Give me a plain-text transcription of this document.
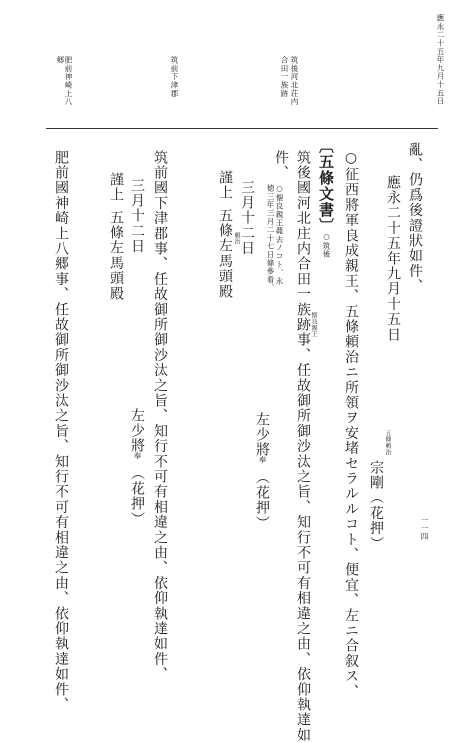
應永二十五年九月十五日
一一四
筑後河北荘内
合田一族跡
筑前下津郡
肥前神崎上八
郷
亂、仍爲後證狀如件、
應永二十五年九月十五日
五條頼治
宗剛（花押）
○征西將軍良成親王、五條頼治ニ所領ヲ安堵セラルルコト、便宜、左ニ合叙ス、
〔五條文書〕
○筑後
筑後國河北庄内合田一族跡事、任故御所御沙汰之旨、知行不可有相違之由、依仰執達如 懐良親王
件、
○懐良親王薨去ノコト、永
徳三年三月二十七日條參看、
左少將
奉
（花押）
三月十二日
謹上
五條左馬頭殿 頼治
筑前國下津郡事、任故御所御沙汰之旨、知行不可有相違之由、依仰執達如件、
三月十二日
左少將
奉
（花押）
謹上
五條左馬頭殿
肥前國神崎上八郷事、任故御所御沙汰之旨、知行不可有相違之由、依仰執達如件、
